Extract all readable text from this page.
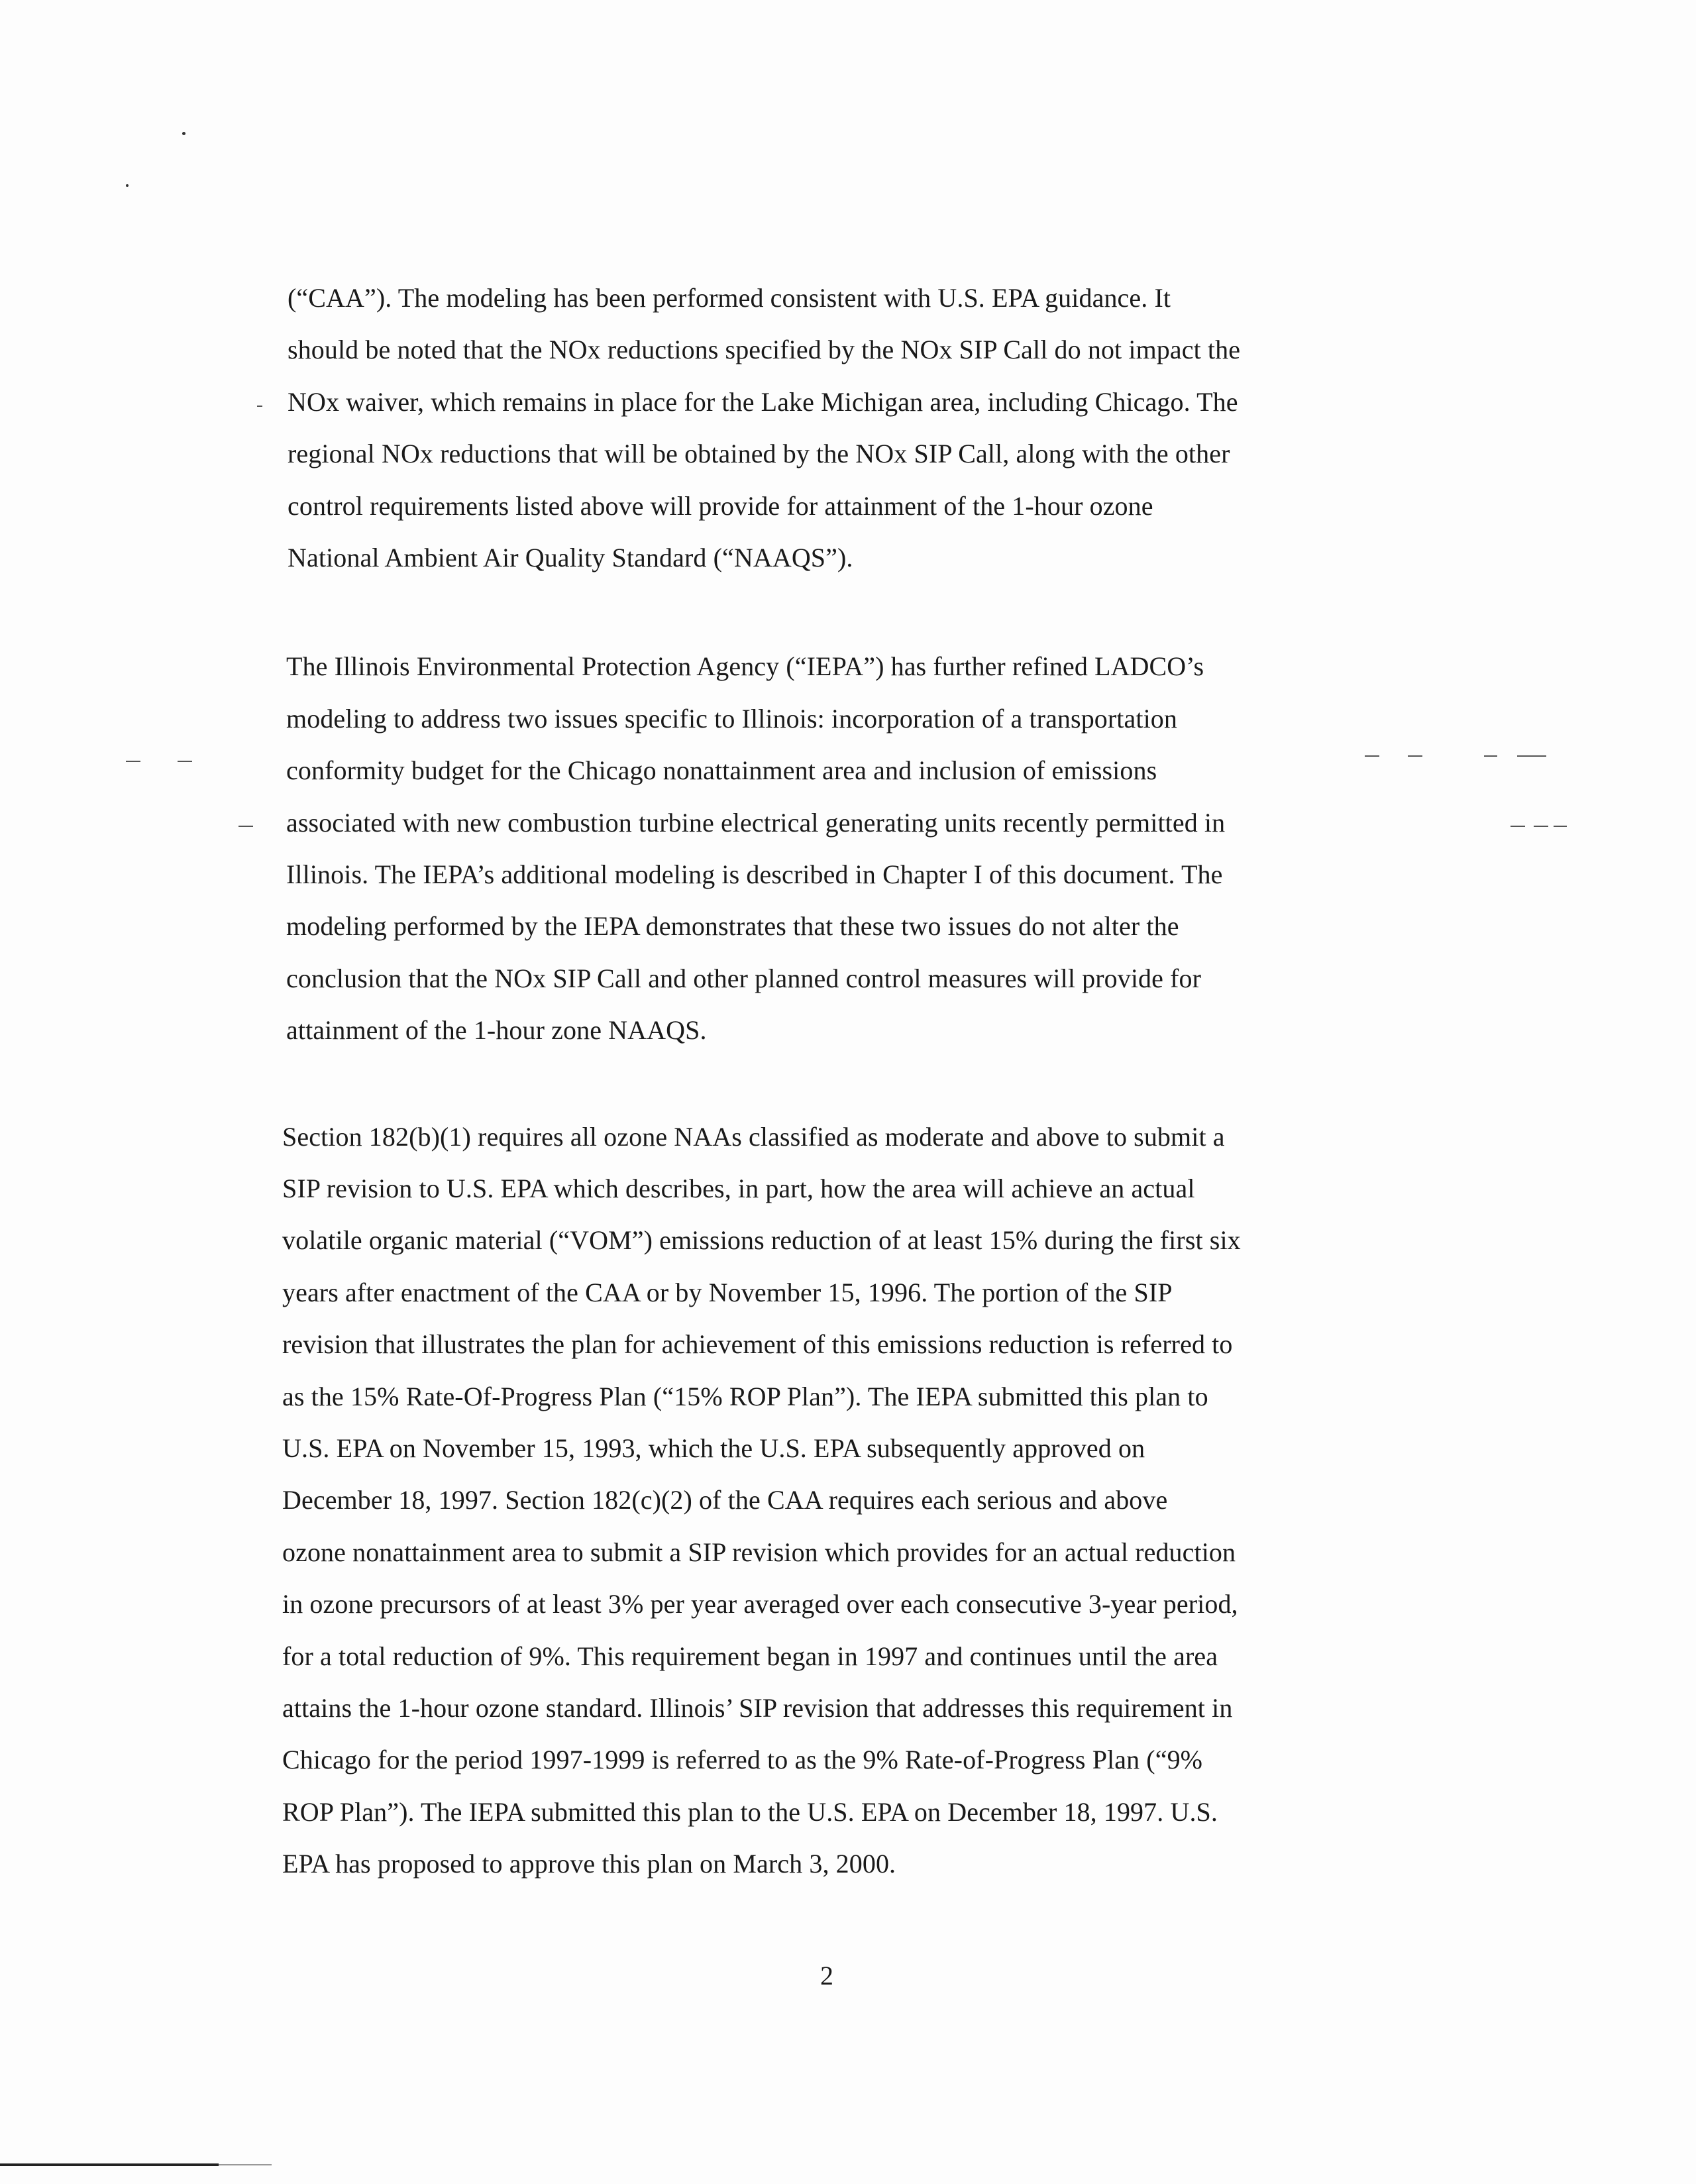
(“CAA”). The modeling has been performed consistent with U.S. EPA guidance. It
should be noted that the NOx reductions specified by the NOx SIP Call do not impact the
NOx waiver, which remains in place for the Lake Michigan area, including Chicago. The
regional NOx reductions that will be obtained by the NOx SIP Call, along with the other
control requirements listed above will provide for attainment of the 1-hour ozone
National Ambient Air Quality Standard (“NAAQS”).
The Illinois Environmental Protection Agency (“IEPA”) has further refined LADCO’s
modeling to address two issues specific to Illinois: incorporation of a transportation
conformity budget for the Chicago nonattainment area and inclusion of emissions
associated with new combustion turbine electrical generating units recently permitted in
Illinois. The IEPA’s additional modeling is described in Chapter I of this document. The
modeling performed by the IEPA demonstrates that these two issues do not alter the
conclusion that the NOx SIP Call and other planned control measures will provide for
attainment of the 1-hour zone NAAQS.
Section 182(b)(1) requires all ozone NAAs classified as moderate and above to submit a
SIP revision to U.S. EPA which describes, in part, how the area will achieve an actual
volatile organic material (“VOM”) emissions reduction of at least 15% during the first six
years after enactment of the CAA or by November 15, 1996. The portion of the SIP
revision that illustrates the plan for achievement of this emissions reduction is referred to
as the 15% Rate-Of-Progress Plan (“15% ROP Plan”). The IEPA submitted this plan to
U.S. EPA on November 15, 1993, which the U.S. EPA subsequently approved on
December 18, 1997. Section 182(c)(2) of the CAA requires each serious and above
ozone nonattainment area to submit a SIP revision which provides for an actual reduction
in ozone precursors of at least 3% per year averaged over each consecutive 3-year period,
for a total reduction of 9%. This requirement began in 1997 and continues until the area
attains the 1-hour ozone standard. Illinois’ SIP revision that addresses this requirement in
Chicago for the period 1997-1999 is referred to as the 9% Rate-of-Progress Plan (“9%
ROP Plan”). The IEPA submitted this plan to the U.S. EPA on December 18, 1997. U.S.
EPA has proposed to approve this plan on March 3, 2000.
2
